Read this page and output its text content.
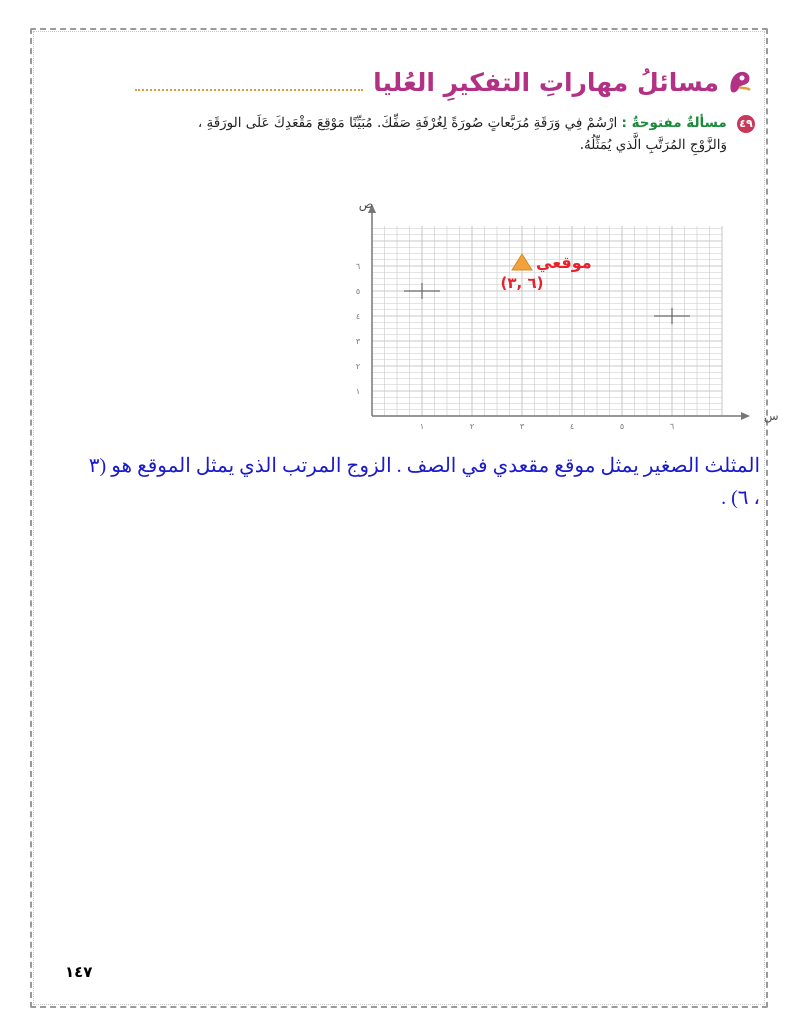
مسائلُ مهاراتِ التفكيرِ العُليا
٤٩ مسألةٌ مفتوحةٌ : ارْسُمْ فِي وَرَقَةِ مُرَبَّعاتٍ صُورَةً لِغُرْفَةِ صَفِّكَ. مُبَيِّنًا مَوْقِعَ مَقْعَدِكَ عَلَى الورَقَةِ ،
وَالزَّوْجِ المُرَتَّبِ الَّذي يُمَثِّلُهُ.
س
ص
١	٢	٣	٤	٥	٦
١
٢
٣
٤
٥
٦	موقعي
(٦ ,٣)
المثلث الصغير يمثل موقع مقعدي في الصف . الزوج المرتب الذي يمثل الموقع هو (٣
، ٦) .
١٤٧
